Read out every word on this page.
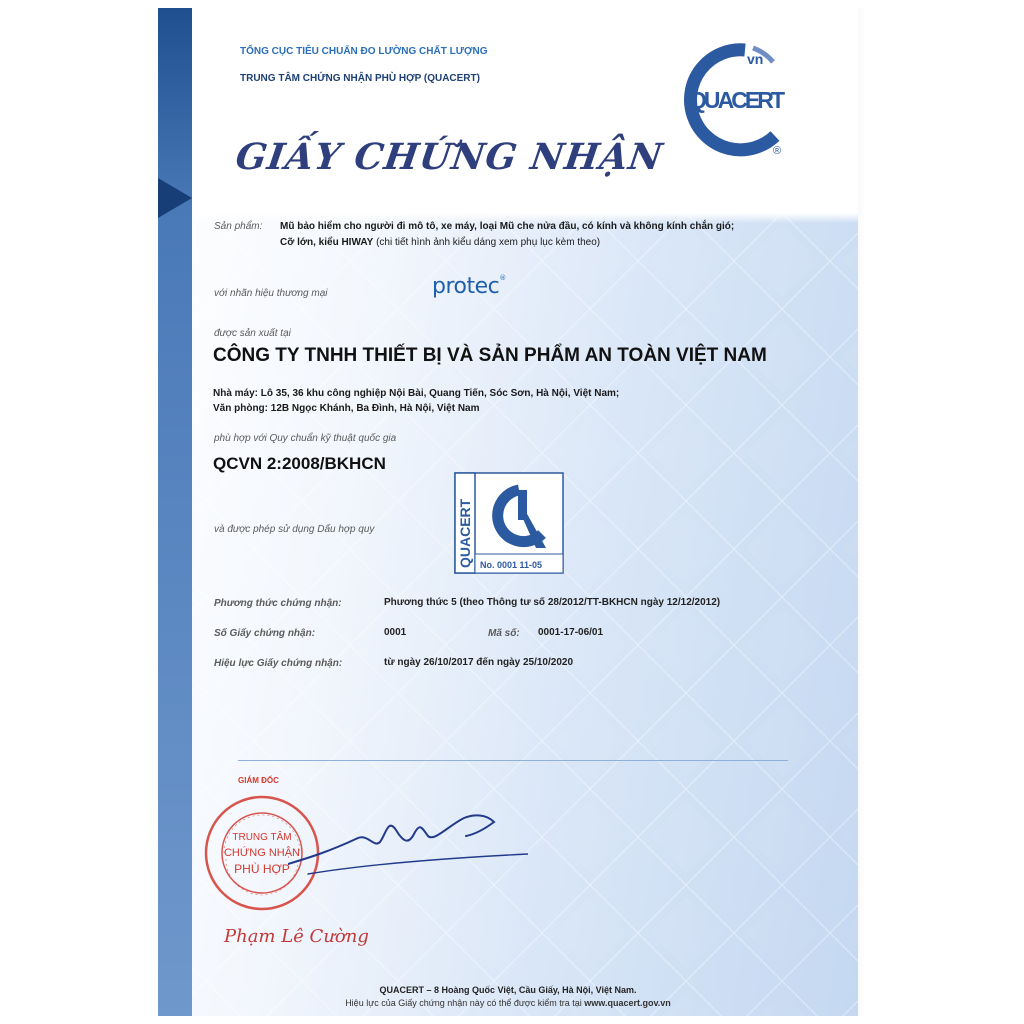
TỔNG CỤC TIÊU CHUẨN ĐO LƯỜNG CHẤT LƯỢNG
TRUNG TÂM CHỨNG NHẬN PHÙ HỢP (QUACERT)
vn
QUACERT
®
GIẤY CHỨNG NHẬN
Sản phẩm: Mũ bảo hiểm cho người đi mô tô, xe máy, loại Mũ che nửa đầu, có kính và không kính chắn gió;
Cỡ lớn, kiểu HIWAY (chi tiết hình ảnh kiểu dáng xem phụ lục kèm theo)
với nhãn hiệu thương mại	protec®
được sản xuất tại
CÔNG TY TNHH THIẾT BỊ VÀ SẢN PHẨM AN TOÀN VIỆT NAM
Nhà máy: Lô 35, 36 khu công nghiệp Nội Bài, Quang Tiến, Sóc Sơn, Hà Nội, Việt Nam;
Văn phòng: 12B Ngọc Khánh, Ba Đình, Hà Nội, Việt Nam
phù hợp với Quy chuẩn kỹ thuật quốc gia
QCVN 2:2008/BKHCN
và được phép sử dụng Dấu hợp quy	QUACERT No. 0001 11-05
Phương thức chứng nhận:	Phương thức 5 (theo Thông tư số 28/2012/TT-BKHCN ngày 12/12/2012)
Số Giấy chứng nhận:	0001	Mã số: 0001-17-06/01
Hiệu lực Giấy chứng nhận:	từ ngày 26/10/2017 đến ngày 25/10/2020
GIÁM ĐỐC
TRUNG TÂM
CHỨNG NHẬN
PHÙ HỢP
Phạm Lê Cường
QUACERT – 8 Hoàng Quốc Việt, Cầu Giấy, Hà Nội, Việt Nam.
Hiệu lực của Giấy chứng nhận này có thể được kiểm tra tại www.quacert.gov.vn
